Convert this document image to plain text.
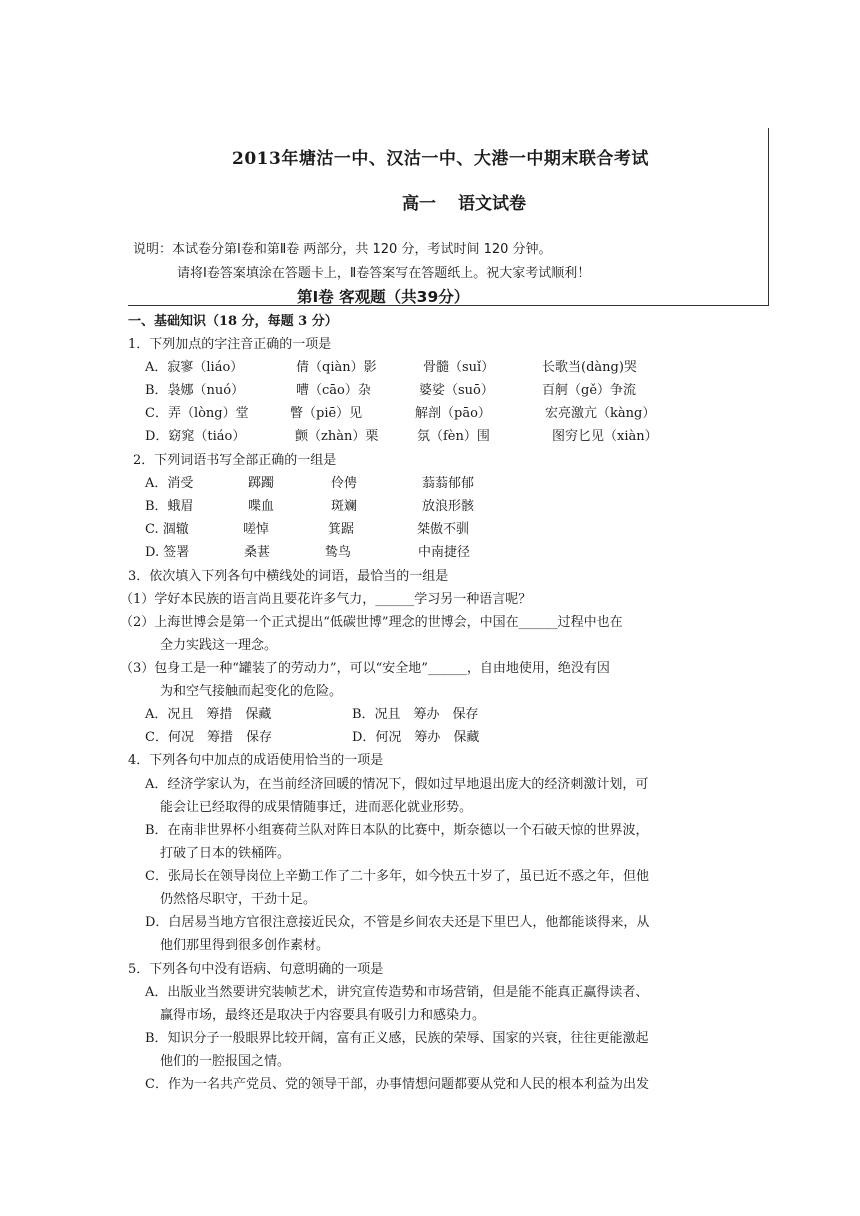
2013年塘沽一中、汉沽一中、大港一中期末联合考试
高一 语文试卷
说明：本试卷分第Ⅰ卷和第Ⅱ卷 两部分，共 120 分，考试时间 120 分钟。
请将Ⅰ卷答案填涂在答题卡上，Ⅱ卷答案写在答题纸上。祝大家考试顺利！
第Ⅰ卷 客观题（共39分）
一、基础知识（18 分，每题 3 分）
1．下列加点的字注音正确的一项是
A．寂寥（liáo）	倩（qiàn）影	骨髓（suǐ）	长歌当(dàng)哭
B．袅娜（nuó）	嘈（cāo）杂	婆娑（suō）	百舸（gě）争流
C．弄（lòng）堂	瞥（piē）见	解剖（pāo）	宏亮激亢（kàng）
D．窈窕（tiáo）	颤（zhàn）栗	氛（fèn）围	图穷匕见（xiàn）
2．下列词语书写全部正确的一组是
A．消受	踯躅	伶俜	蓊蓊郁郁
B．蛾眉	喋血	斑斓	放浪形骸
C. 涸辙	嗟悼	箕踞	桀傲不驯
D. 签署	桑葚	鸷鸟	中南捷径
3．依次填入下列各句中横线处的词语，最恰当的一组是
（1）学好本民族的语言尚且要花许多气力，______学习另一种语言呢？
（2）上海世博会是第一个正式提出“低碳世博”理念的世博会，中国在______过程中也在
全力实践这一理念。
（3）包身工是一种“罐装了的劳动力”，可以“安全地”______，自由地使用，绝没有因
为和空气接触而起变化的危险。
A．况且　筹措　保藏	B．况且　筹办　保存
C．何况　筹措　保存	D．何况　筹办　保藏
4．下列各句中加点的成语使用恰当的一项是
A．经济学家认为，在当前经济回暖的情况下，假如过早地退出庞大的经济刺激计划，可
能会让已经取得的成果情随事迁，进而恶化就业形势。
B．在南非世界杯小组赛荷兰队对阵日本队的比赛中，斯奈德以一个石破天惊的世界波，
打破了日本的铁桶阵。
C．张局长在领导岗位上辛勤工作了二十多年，如今快五十岁了，虽已近不惑之年，但他
仍然恪尽职守，干劲十足。
D．白居易当地方官很注意接近民众，不管是乡间农夫还是下里巴人，他都能谈得来，从
他们那里得到很多创作素材。
5．下列各句中没有语病、句意明确的一项是
A．出版业当然要讲究装帧艺术，讲究宣传造势和市场营销，但是能不能真正赢得读者、
赢得市场，最终还是取决于内容要具有吸引力和感染力。
B．知识分子一般眼界比较开阔，富有正义感，民族的荣辱、国家的兴衰，往往更能激起
他们的一腔报国之情。
C．作为一名共产党员、党的领导干部，办事情想问题都要从党和人民的根本利益为出发
